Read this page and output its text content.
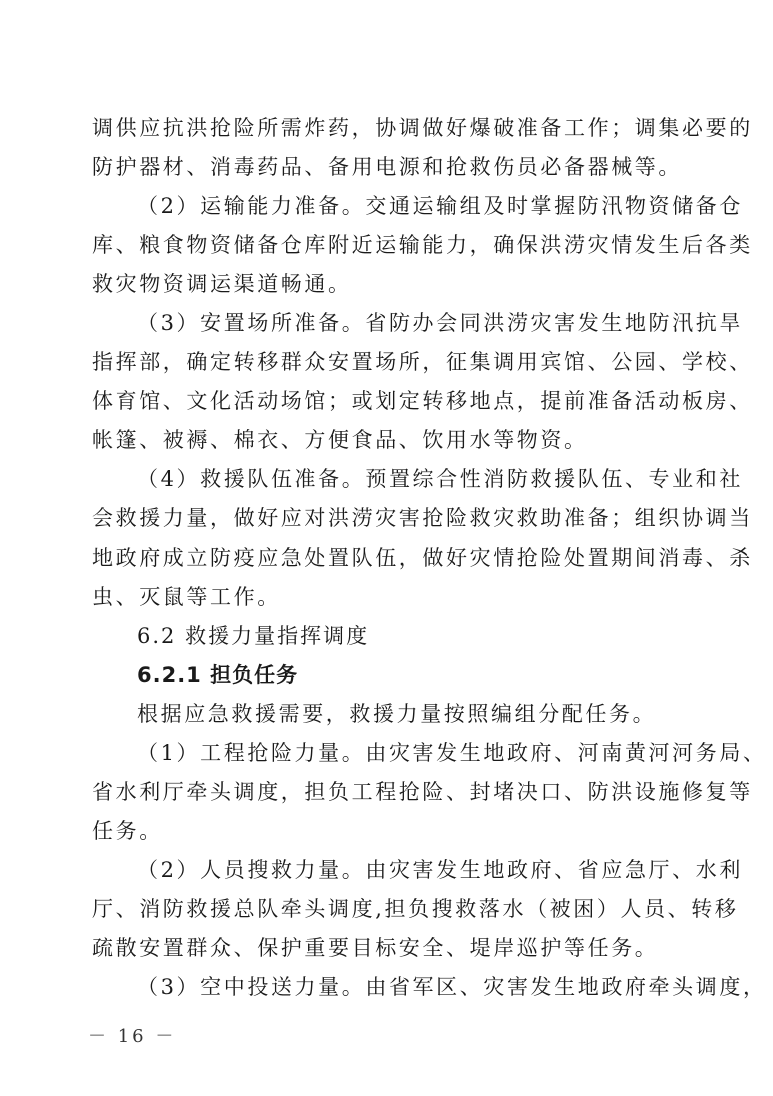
调供应抗洪抢险所需炸药，协调做好爆破准备工作；调集必要的
防护器材、消毒药品、备用电源和抢救伤员必备器械等。
（2）运输能力准备。交通运输组及时掌握防汛物资储备仓
库、粮食物资储备仓库附近运输能力，确保洪涝灾情发生后各类
救灾物资调运渠道畅通。
（3）安置场所准备。省防办会同洪涝灾害发生地防汛抗旱
指挥部，确定转移群众安置场所，征集调用宾馆、公园、学校、
体育馆、文化活动场馆；或划定转移地点，提前准备活动板房、
帐篷、被褥、棉衣、方便食品、饮用水等物资。
（4）救援队伍准备。预置综合性消防救援队伍、专业和社
会救援力量，做好应对洪涝灾害抢险救灾救助准备；组织协调当
地政府成立防疫应急处置队伍，做好灾情抢险处置期间消毒、杀
虫、灭鼠等工作。
6.2 救援力量指挥调度
6.2.1 担负任务
根据应急救援需要，救援力量按照编组分配任务。
（1）工程抢险力量。由灾害发生地政府、河南黄河河务局、
省水利厅牵头调度，担负工程抢险、封堵决口、防洪设施修复等
任务。
（2）人员搜救力量。由灾害发生地政府、省应急厅、水利
厅、消防救援总队牵头调度,担负搜救落水（被困）人员、转移
疏散安置群众、保护重要目标安全、堤岸巡护等任务。
（3）空中投送力量。由省军区、灾害发生地政府牵头调度，
－ 16 －
